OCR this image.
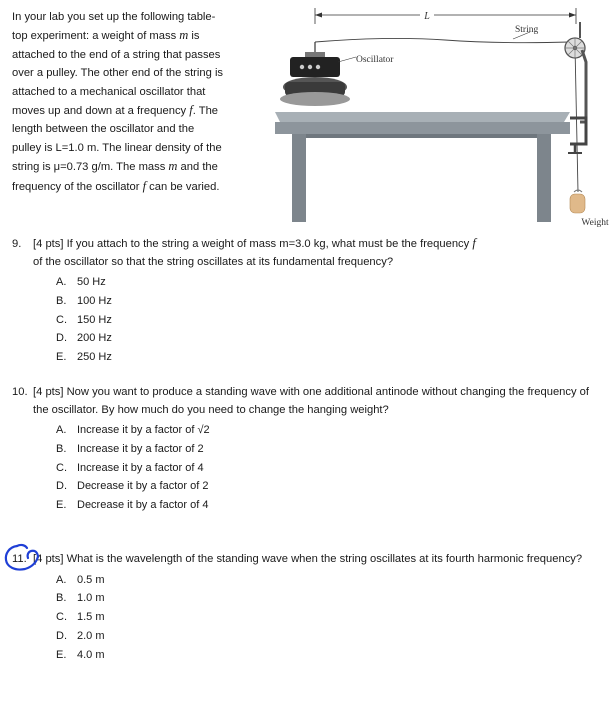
In your lab you set up the following table-
top experiment: a weight of mass m is
attached to the end of a string that passes
over a pulley. The other end of the string is
attached to a mechanical oscillator that
moves up and down at a frequency f. The
length between the oscillator and the
pulley is L=1.0 m. The linear density of the
string is μ=0.73 g/m. The mass m and the
frequency of the oscillator f can be varied.
L
String
Oscillator
Weight
9. [4 pts] If you attach to the string a weight of mass m=3.0 kg, what must be the frequency f
of the oscillator so that the string oscillates at its fundamental frequency?
A. 50 Hz
B. 100 Hz
C. 150 Hz
D. 200 Hz
E. 250 Hz
10. [4 pts] Now you want to produce a standing wave with one additional antinode without changing the frequency of the oscillator. By how much do you need to change the hanging weight?
A. Increase it by a factor of √2
B. Increase it by a factor of 2
C. Increase it by a factor of 4
D. Decrease it by a factor of 2
E. Decrease it by a factor of 4
11. [4 pts] What is the wavelength of the standing wave when the string oscillates at its fourth harmonic frequency?
A. 0.5 m
B. 1.0 m
C. 1.5 m
D. 2.0 m
E. 4.0 m
